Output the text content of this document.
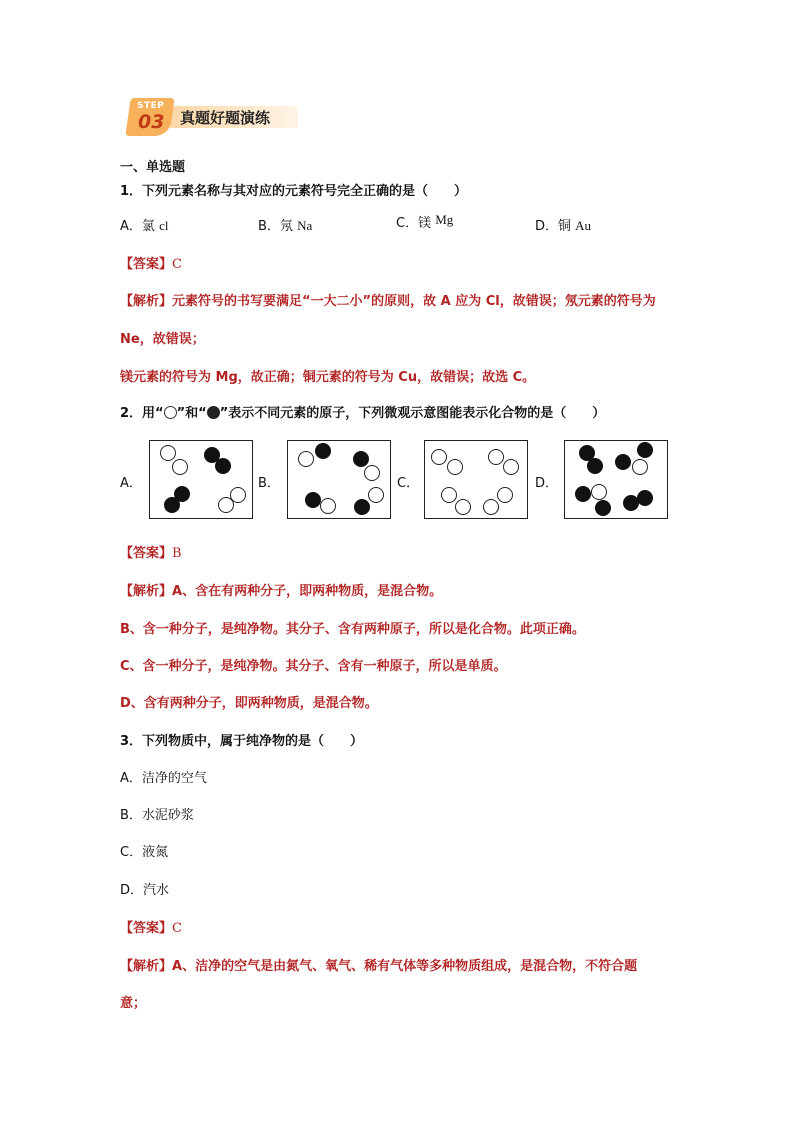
STEP
03 真题好题演练
一、单选题
1．下列元素名称与其对应的元素符号完全正确的是（　　）
A．氯 cl	B．氖 Na	C．镁 Mg	D．铜 Au
【答案】C
【解析】元素符号的书写要满足“一大二小”的原则，故 A 应为 Cl，故错误；氖元素的符号为
Ne，故错误；
镁元素的符号为 Mg，故正确；铜元素的符号为 Cu，故错误；故选 C。
2．用“ ”和“ ”表示不同元素的原子，下列微观示意图能表示化合物的是（　　）
A．	B．	C．	D．
【答案】B
【解析】A、含在有两种分子，即两种物质，是混合物。
B、含一种分子，是纯净物。其分子、含有两种原子，所以是化合物。此项正确。
C、含一种分子，是纯净物。其分子、含有一种原子，所以是单质。
D、含有两种分子，即两种物质，是混合物。
3．下列物质中，属于纯净物的是（　　）
A．洁净的空气
B．水泥砂浆
C．液氮
D．汽水
【答案】C
【解析】A、洁净的空气是由氮气、氧气、稀有气体等多种物质组成，是混合物，不符合题
意；
